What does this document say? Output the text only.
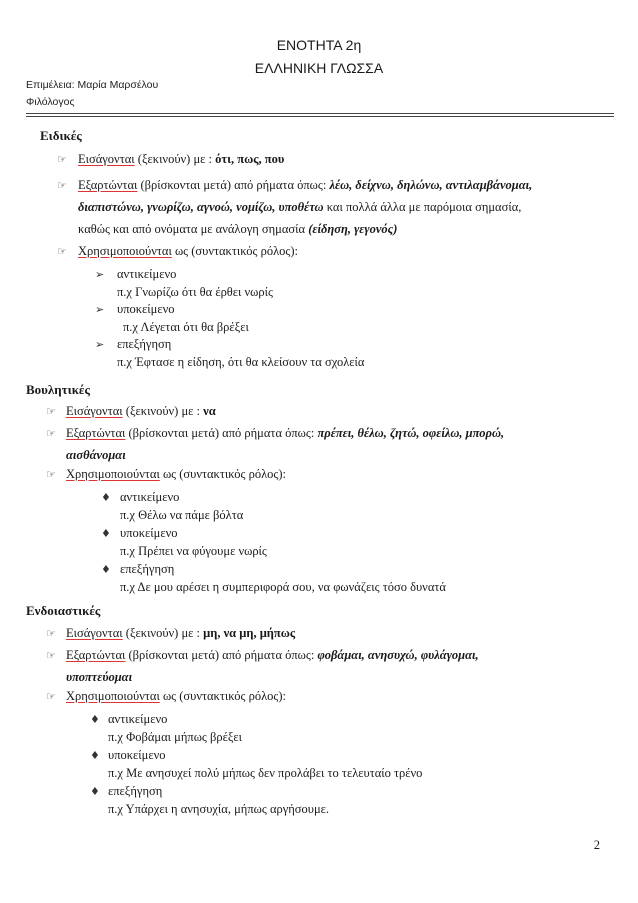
ΕΝΟΤΗΤΑ 2η
ΕΛΛΗΝΙΚΗ ΓΛΩΣΣΑ
Επιμέλεια: Μαρία Μαρσέλου
Φιλόλογος
Ειδικές
☞ Εισάγονται (ξεκινούν) με : ότι, πως, που
☞ Εξαρτώνται (βρίσκονται μετά) από ρήματα όπως: λέω, δείχνω, δηλώνω, αντιλαμβάνομαι,
διαπιστώνω, γνωρίζω, αγνοώ, νομίζω, υποθέτω και πολλά άλλα με παρόμοια σημασία,
καθώς και από ονόματα με ανάλογη σημασία (είδηση, γεγονός)
☞ Χρησιμοποιούνται ως (συντακτικός ρόλος):
➢ αντικείμενο
π.χ Γνωρίζω ότι θα έρθει νωρίς
➢ υποκείμενο
π.χ Λέγεται ότι θα βρέξει
➢ επεξήγηση
π.χ Έφτασε η είδηση, ότι θα κλείσουν τα σχολεία
Βουλητικές
☞ Εισάγονται (ξεκινούν) με : να
☞ Εξαρτώνται (βρίσκονται μετά) από ρήματα όπως: πρέπει, θέλω, ζητώ, οφείλω, μπορώ,
αισθάνομαι
☞ Χρησιμοποιούνται ως (συντακτικός ρόλος):
♦ αντικείμενο
π.χ Θέλω να πάμε βόλτα
♦ υποκείμενο
π.χ Πρέπει να φύγουμε νωρίς
♦ επεξήγηση
π.χ Δε μου αρέσει η συμπεριφορά σου, να φωνάζεις τόσο δυνατά
Ενδοιαστικές
☞ Εισάγονται (ξεκινούν) με : μη, να μη, μήπως
☞ Εξαρτώνται (βρίσκονται μετά) από ρήματα όπως: φοβάμαι, ανησυχώ, φυλάγομαι,
υποπτεύομαι
☞ Χρησιμοποιούνται ως (συντακτικός ρόλος):
♦ αντικείμενο
π.χ Φοβάμαι μήπως βρέξει
♦ υποκείμενο
π.χ Με ανησυχεί πολύ μήπως δεν προλάβει το τελευταίο τρένο
♦ επεξήγηση
π.χ Υπάρχει η ανησυχία, μήπως αργήσουμε.
2
